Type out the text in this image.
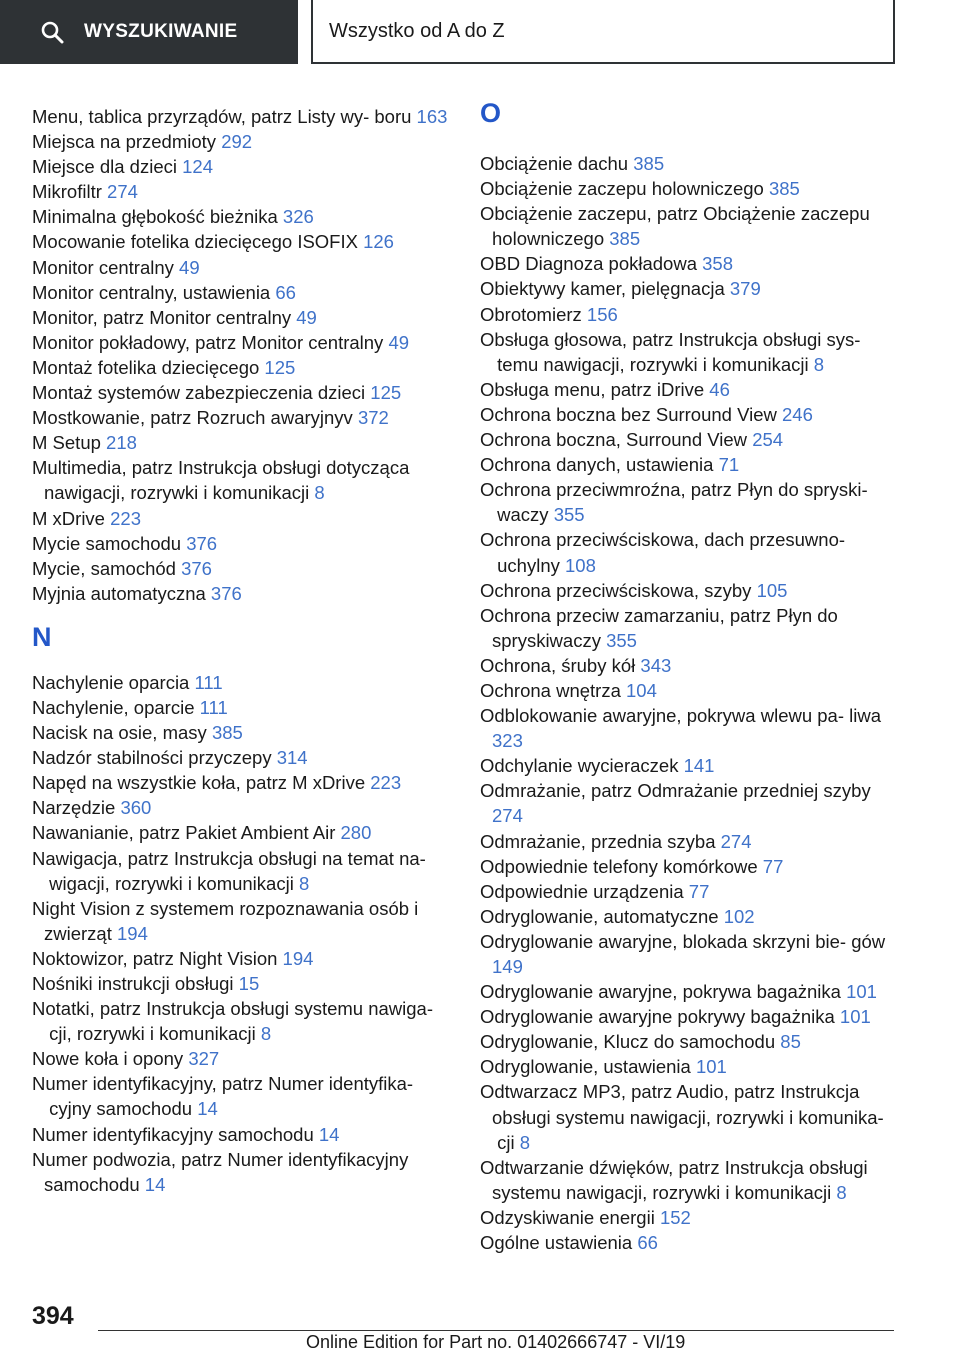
WYSZUKIWANIE	Wszystko od A do Z
Menu, tablica przyrządów, patrz Listy wy‐ boru 163
Miejsca na przedmioty 292
Miejsce dla dzieci 124
Mikrofiltr 274
Minimalna głębokość bieżnika 326
Mocowanie fotelika dziecięcego ISOFIX 126
Monitor centralny 49
Monitor centralny, ustawienia 66
Monitor, patrz Monitor centralny 49
Monitor pokładowy, patrz Monitor centralny 49
Montaż fotelika dziecięcego 125
Montaż systemów zabezpieczenia dzieci 125
Mostkowanie, patrz Rozruch awaryjnyv 372
M Setup 218
Multimedia, patrz Instrukcja obsługi dotycząca nawigacji, rozrywki i komunikacji 8
M xDrive 223
Mycie samochodu 376
Mycie, samochód 376
Myjnia automatyczna 376
N
Nachylenie oparcia 111
Nachylenie, oparcie 111
Nacisk na osie, masy 385
Nadzór stabilności przyczepy 314
Napęd na wszystkie koła, patrz M xDrive 223
Narzędzie 360
Nawanianie, patrz Pakiet Ambient Air 280
Nawigacja, patrz Instrukcja obsługi na temat na‐ wigacji, rozrywki i komunikacji 8
Night Vision z systemem rozpoznawania osób i zwierząt 194
Noktowizor, patrz Night Vision 194
Nośniki instrukcji obsługi 15
Notatki, patrz Instrukcja obsługi systemu nawiga‐ cji, rozrywki i komunikacji 8
Nowe koła i opony 327
Numer identyfikacyjny, patrz Numer identyfika‐ cyjny samochodu 14
Numer identyfikacyjny samochodu 14
Numer podwozia, patrz Numer identyfikacyjny samochodu 14
O
Obciążenie dachu 385
Obciążenie zaczepu holowniczego 385
Obciążenie zaczepu, patrz Obciążenie zaczepu holowniczego 385
OBD Diagnoza pokładowa 358
Obiektywy kamer, pielęgnacja 379
Obrotomierz 156
Obsługa głosowa, patrz Instrukcja obsługi sys‐ temu nawigacji, rozrywki i komunikacji 8
Obsługa menu, patrz iDrive 46
Ochrona boczna bez Surround View 246
Ochrona boczna, Surround View 254
Ochrona danych, ustawienia 71
Ochrona przeciwmroźna, patrz Płyn do spryski‐ waczy 355
Ochrona przeciwściskowa, dach przesuwno‐ uchylny 108
Ochrona przeciwściskowa, szyby 105
Ochrona przeciw zamarzaniu, patrz Płyn do spryskiwaczy 355
Ochrona, śruby kół 343
Ochrona wnętrza 104
Odblokowanie awaryjne, pokrywa wlewu pa‐ liwa 323
Odchylanie wycieraczek 141
Odmrażanie, patrz Odmrażanie przedniej szyby 274
Odmrażanie, przednia szyba 274
Odpowiednie telefony komórkowe 77
Odpowiednie urządzenia 77
Odryglowanie, automatyczne 102
Odryglowanie awaryjne, blokada skrzyni bie‐ gów 149
Odryglowanie awaryjne, pokrywa bagażnika 101
Odryglowanie awaryjne pokrywy bagażnika 101
Odryglowanie, Klucz do samochodu 85
Odryglowanie, ustawienia 101
Odtwarzacz MP3, patrz Audio, patrz Instrukcja obsługi systemu nawigacji, rozrywki i komunika‐ cji 8
Odtwarzanie dźwięków, patrz Instrukcja obsługi systemu nawigacji, rozrywki i komunikacji 8
Odzyskiwanie energii 152
Ogólne ustawienia 66
394
Online Edition for Part no. 01402666747 - VI/19
